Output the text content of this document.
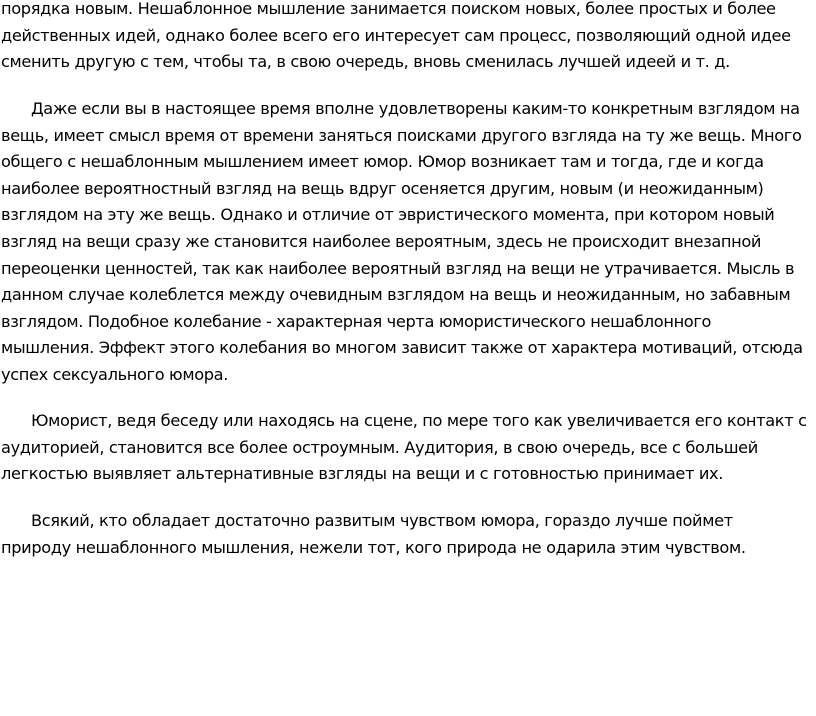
порядка новым. Нешаблонное мышление занимается поиском новых, более простых и более действенных идей, однако более всего его интересует сам процесс, позволяющий одной идее сменить другую с тем, чтобы та, в свою очередь, вновь сменилась лучшей идеей и т. д.

Даже если вы в настоящее время вполне удовлетворены каким-то конкретным взглядом на вещь, имеет смысл время от времени заняться поисками другого взгляда на ту же вещь. Много общего с нешаблонным мышлением имеет юмор. Юмор возникает там и тогда, где и когда наиболее вероятностный взгляд на вещь вдруг осеняется другим, новым (и неожиданным) взглядом на эту же вещь. Однако и отличие от эвристического момента, при котором новый взгляд на вещи сразу же становится наиболее вероятным, здесь не происходит внезапной переоценки ценностей, так как наиболее вероятный взгляд на вещи не утрачивается. Мысль в данном случае колеблется между очевидным взглядом на вещь и неожиданным, но забавным взглядом. Подобное колебание - характерная черта юмористического нешаблонного мышления. Эффект этого колебания во многом зависит также от характера мотиваций, отсюда успех сексуального юмора.

Юморист, ведя беседу или находясь на сцене, по мере того как увеличивается его контакт с аудиторией, становится все более остроумным. Аудитория, в свою очередь, все с большей легкостью выявляет альтернативные взгляды на вещи и с готовностью принимает их.

Всякий, кто обладает достаточно развитым чувством юмора, гораздо лучше поймет природу нешаблонного мышления, нежели тот, кого природа не одарила этим чувством.
